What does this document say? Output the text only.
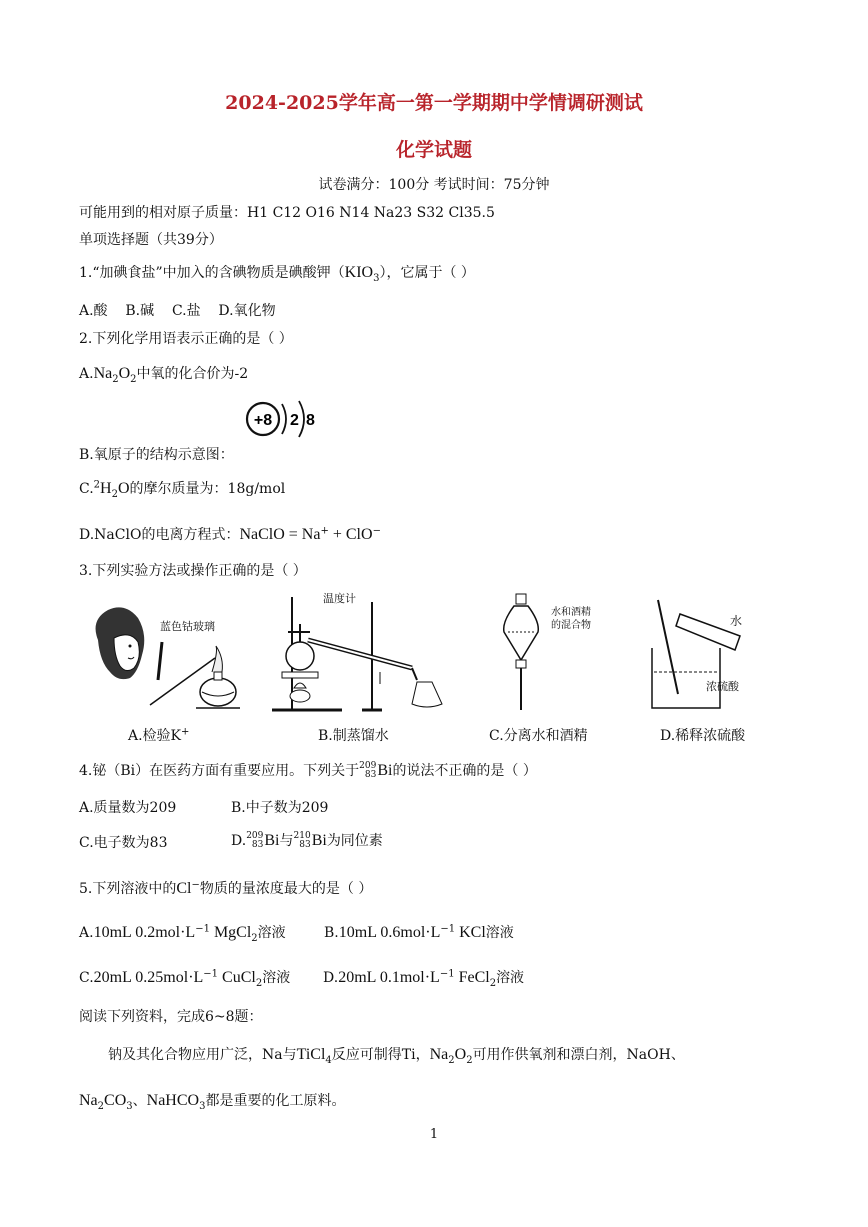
2024-2025学年高一第一学期期中学情调研测试
化学试题
试卷满分：100分 考试时间：75分钟
可能用到的相对原子质量：H1 C12 O16 N14 Na23 S32 Cl35.5
单项选择题（共39分）
1.“加碘食盐”中加入的含碘物质是碘酸钾$(KIO_3)$，它属于（ ）
A.酸 B.碱 C.盐 D.氧化物
2.下列化学用语表示正确的是（ ）
$A.Na_2O_2$中氧的化合价为-2
B.氧原子的结构示意图：
+8 2 8
$C.^2H_2O$的摩尔质量为：18g/mol
D.NaClO的电离方程式：NaClO = Na+ + ClO−
3.下列实验方法或操作正确的是（ ）
蓝色钴玻璃
温度计
水和酒精
的混合物	水
浓硫酸
A.检验K+	B.制蒸馏水	C.分离水和酒精	D.稀释浓硫酸
4.铋（Bi）在医药方面有重要应用。下列关于 209
83 Bi的说法不正确的是（ ）
A.质量数为209	B.中子数为209
C.电子数为83	D. 209
83 Bi与 210
83 Bi为同位素
5.下列溶液中的Cl−物质的量浓度最大的是（ ）
A.10mL $0.2mol\cdot L^{-1}$ MgCl$_2$溶液	B.10mL $0.6mol\cdot L^{-1}$ KCl溶液
C.20mL $0.25mol\cdot L^{-1}$ CuCl$_2$溶液 D.20mL $0.1mol\cdot L^{-1}$ FeCl$_2$溶液
阅读下列资料，完成6~8题：
钠及其化合物应用广泛，Na与TiCl$_4$反应可制得Ti，$Na_2O_2$可用作供氧剂和漂白剂，NaOH、
$Na_2CO_3$、NaHCO$_3$都是重要的化工原料。
1
